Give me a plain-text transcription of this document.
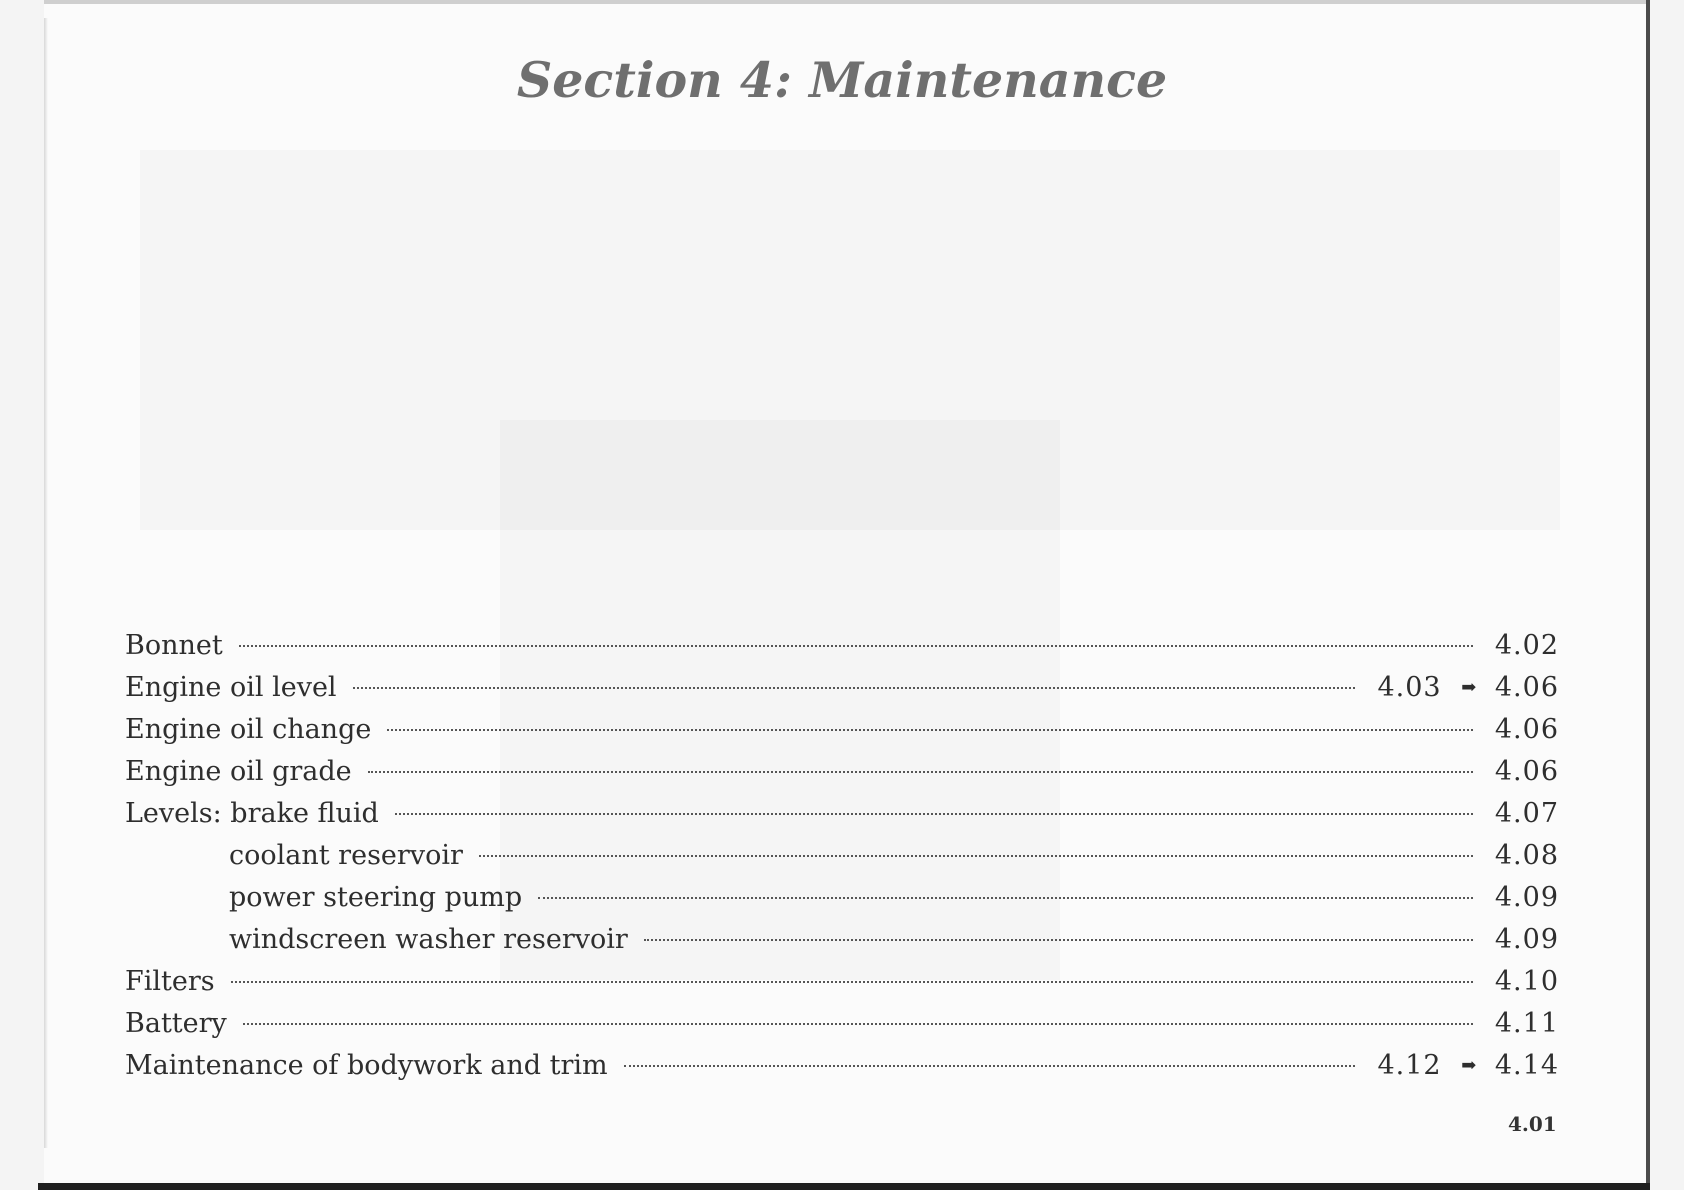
Section 4: Maintenance
Bonnet	4.02
Engine oil level	4.03 ➡ 4.06
Engine oil change	4.06
Engine oil grade	4.06
Levels: brake fluid	4.07
coolant reservoir	4.08
power steering pump	4.09
windscreen washer reservoir	4.09
Filters	4.10
Battery	4.11
Maintenance of bodywork and trim	4.12 ➡ 4.14
4.01
